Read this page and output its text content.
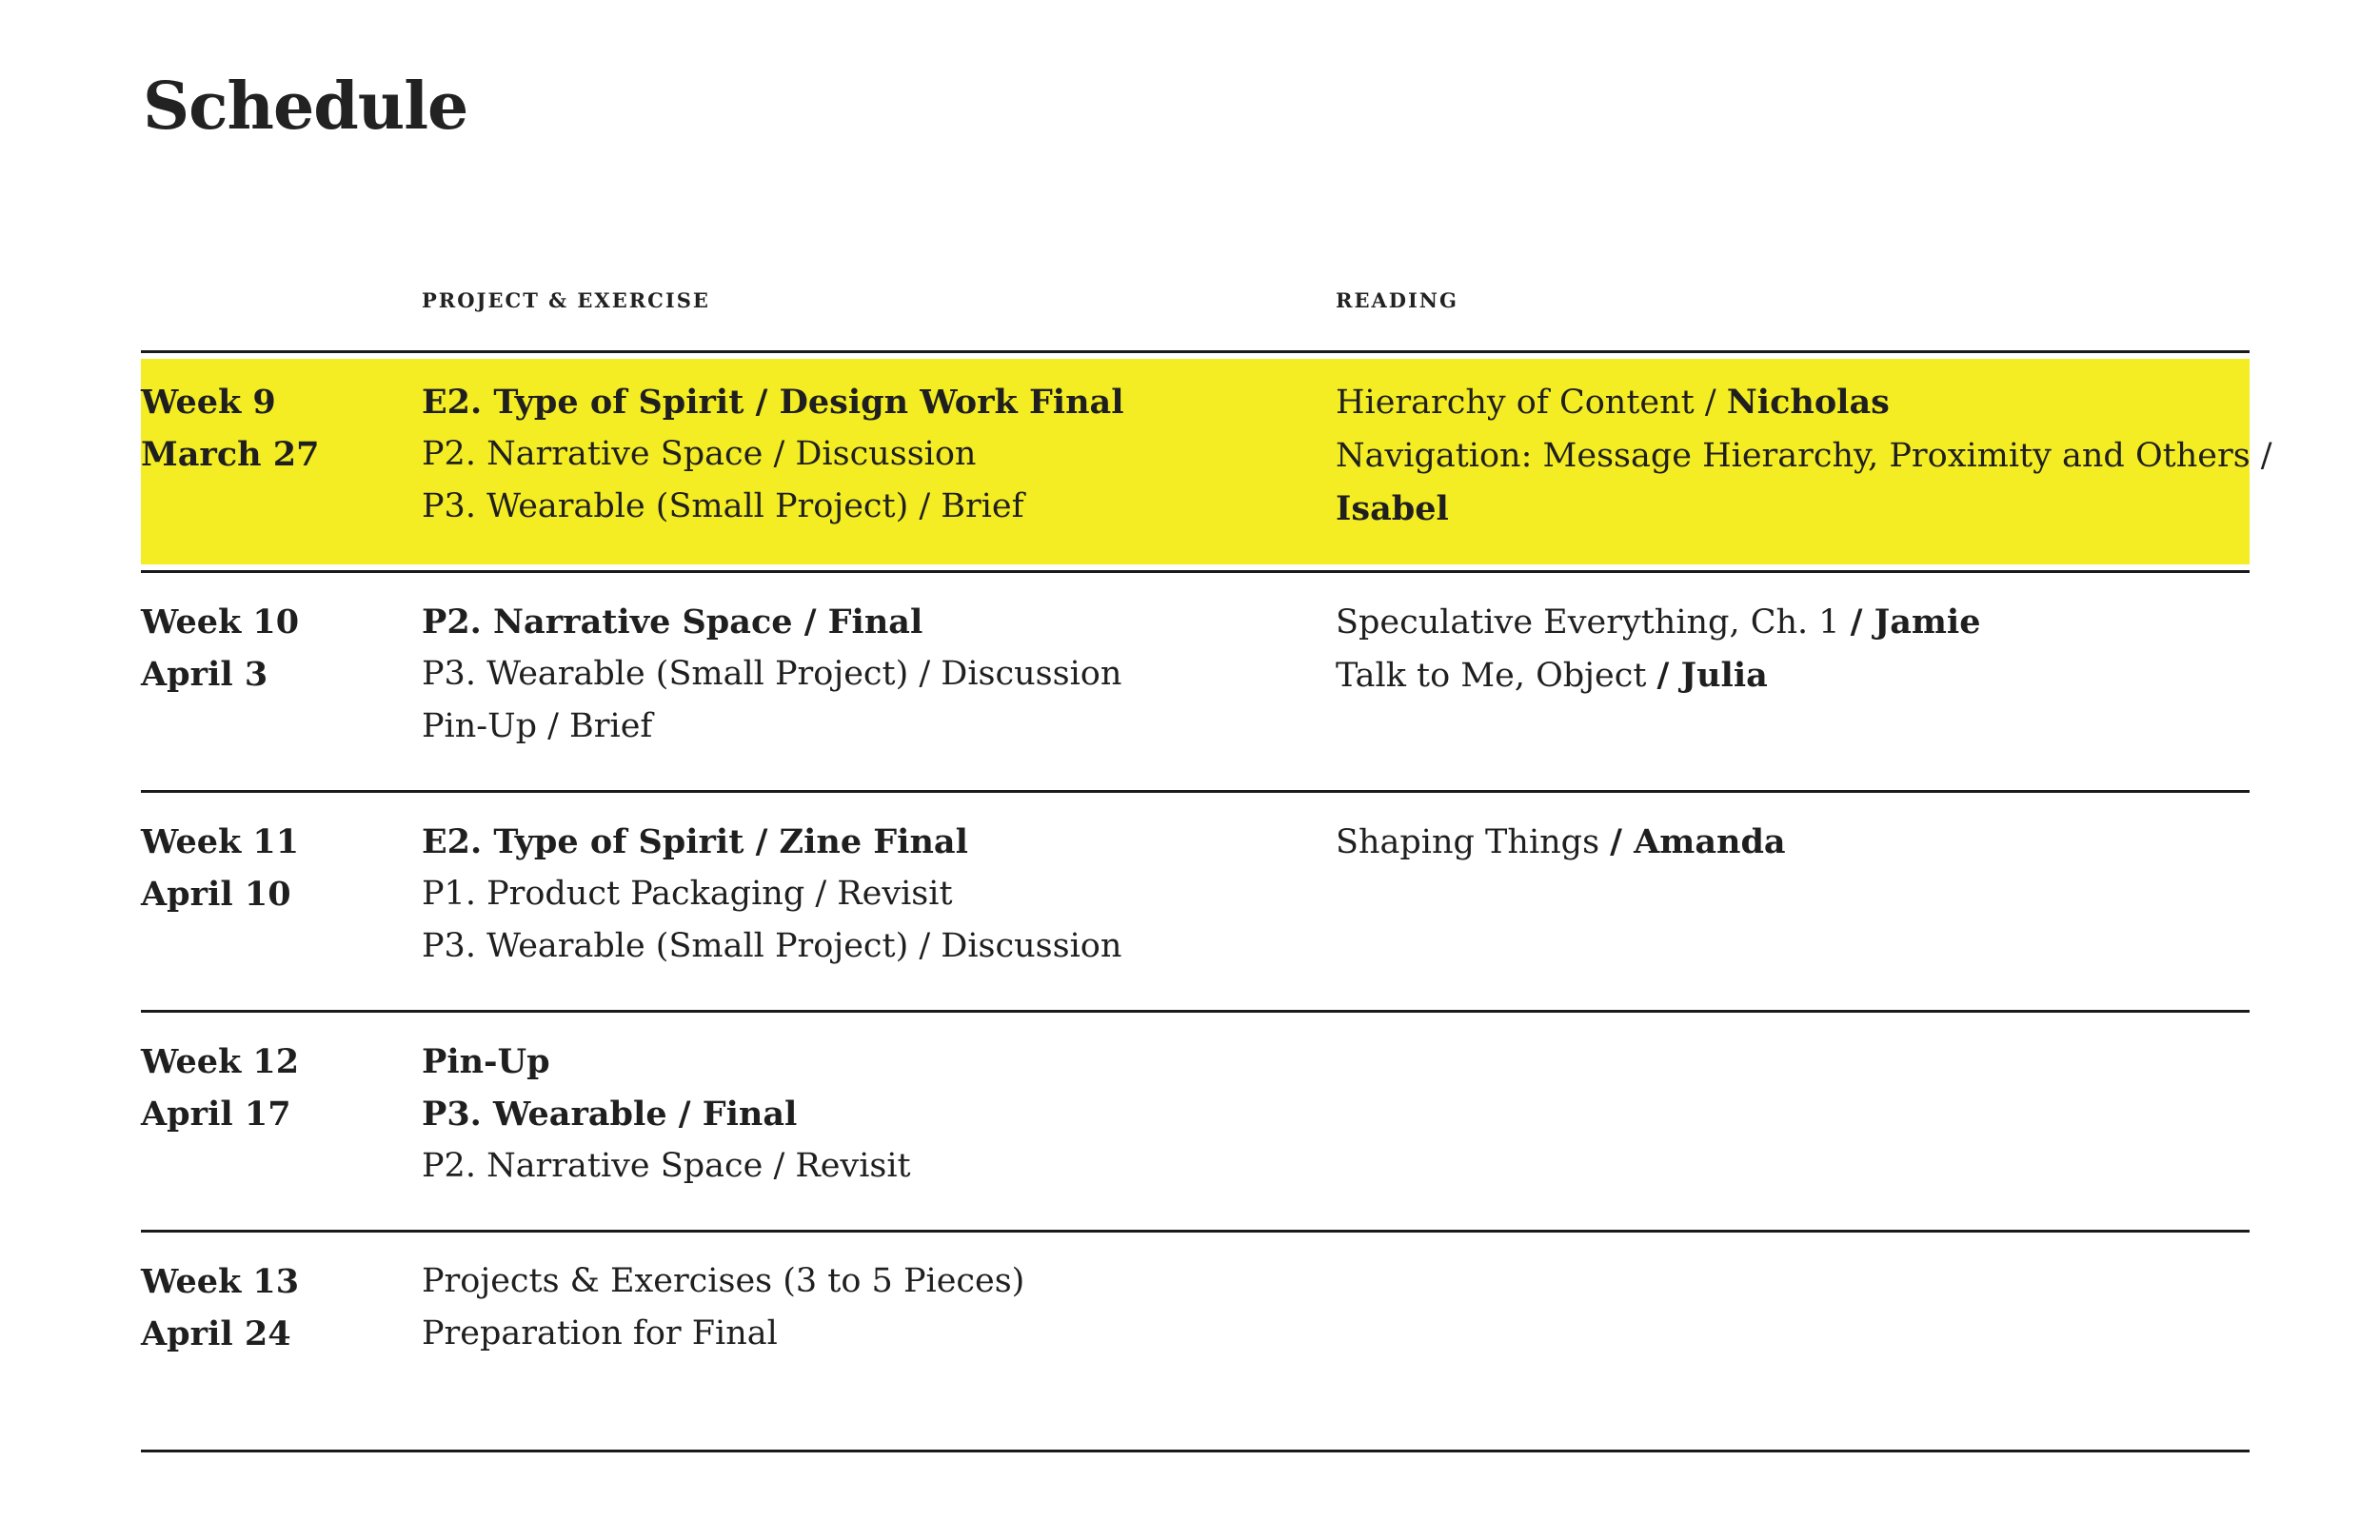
Schedule
PROJECT & EXERCISE	READING
Week 9
March 27
E2. Type of Spirit / Design Work Final
P2. Narrative Space / Discussion
P3. Wearable (Small Project) / Brief
Hierarchy of Content / Nicholas
Navigation: Message Hierarchy, Proximity and Others /
Isabel
Week 10
April 3
P2. Narrative Space / Final
P3. Wearable (Small Project) / Discussion
Pin-Up / Brief
Speculative Everything, Ch. 1 / Jamie
Talk to Me, Object / Julia
Week 11
April 10
E2. Type of Spirit / Zine Final
P1. Product Packaging / Revisit
P3. Wearable (Small Project) / Discussion
Shaping Things / Amanda
Week 12
April 17
Pin-Up
P3. Wearable / Final
P2. Narrative Space / Revisit
Week 13
April 24
Projects & Exercises (3 to 5 Pieces)
Preparation for Final
